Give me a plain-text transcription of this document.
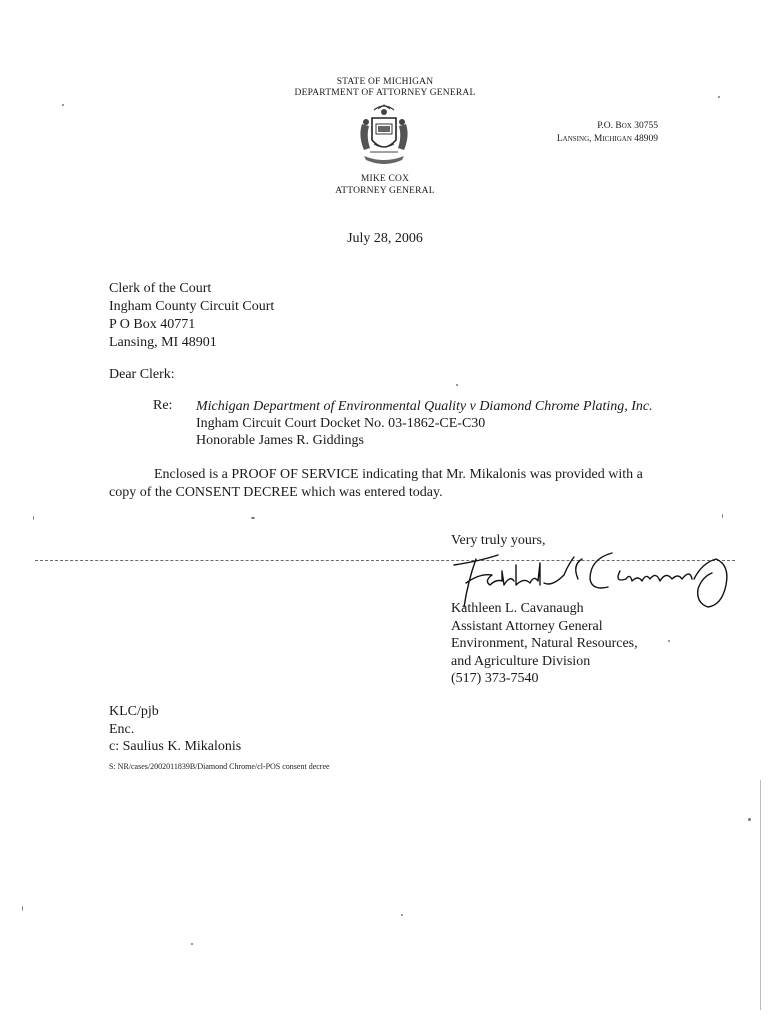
STATE OF MICHIGAN
DEPARTMENT OF ATTORNEY GENERAL
P.O. Box 30755
Lansing, Michigan 48909
MIKE COX
ATTORNEY GENERAL
July 28, 2006
Clerk of the Court
Ingham County Circuit Court
P O Box 40771
Lansing, MI 48901
Dear Clerk:
Re: Michigan Department of Environmental Quality v Diamond Chrome Plating, Inc.
Ingham Circuit Court Docket No. 03-1862-CE-C30
Honorable James R. Giddings
Enclosed is a PROOF OF SERVICE indicating that Mr. Mikalonis was provided with a copy of the CONSENT DECREE which was entered today.
Very truly yours,
Kathleen L. Cavanaugh
Assistant Attorney General
Environment, Natural Resources,
and Agriculture Division
(517) 373-7540
KLC/pjb
Enc.
c: Saulius K. Mikalonis
S: NR/cases/2002011839B/Diamond Chrome/cl-POS consent decree
